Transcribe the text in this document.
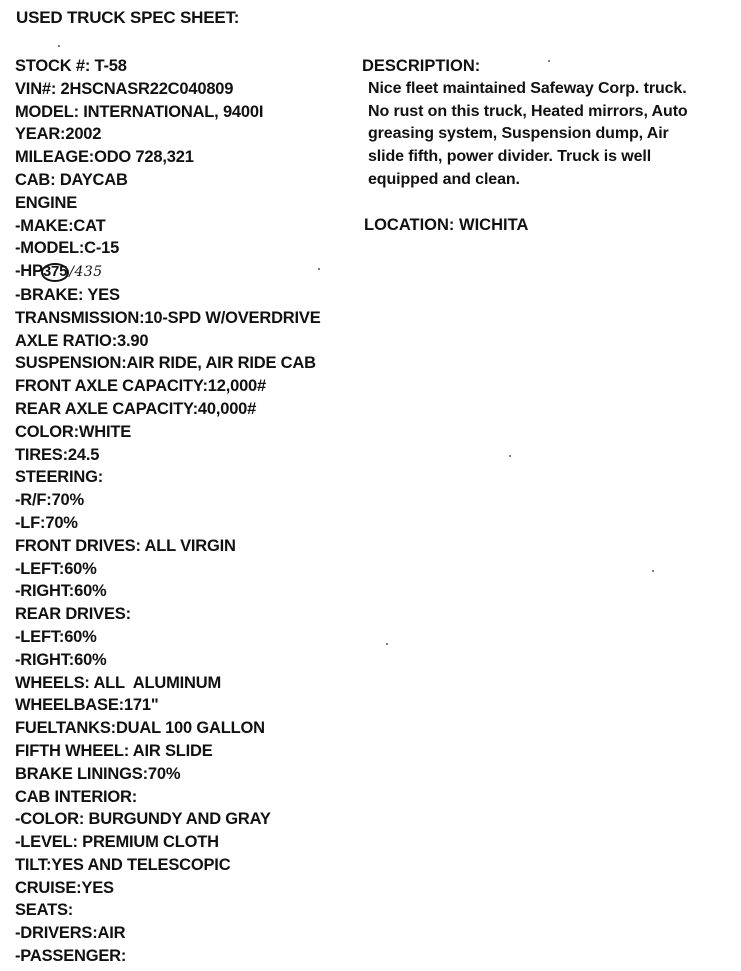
USED TRUCK SPEC SHEET:
STOCK #: T-58
VIN#: 2HSCNASR22C040809
MODEL: INTERNATIONAL, 9400I
YEAR:2002
MILEAGE:ODO 728,321
CAB: DAYCAB
ENGINE
-MAKE:CAT
-MODEL:C-15
-HP375 /435
-BRAKE: YES
TRANSMISSION:10-SPD W/OVERDRIVE
AXLE RATIO:3.90
SUSPENSION:AIR RIDE, AIR RIDE CAB
FRONT AXLE CAPACITY:12,000#
REAR AXLE CAPACITY:40,000#
COLOR:WHITE
TIRES:24.5
STEERING:
-R/F:70%
-LF:70%
FRONT DRIVES: ALL VIRGIN
-LEFT:60%
-RIGHT:60%
REAR DRIVES:
-LEFT:60%
-RIGHT:60%
WHEELS: ALL  ALUMINUM
WHEELBASE:171"
FUELTANKS:DUAL 100 GALLON
FIFTH WHEEL: AIR SLIDE
BRAKE LININGS:70%
CAB INTERIOR:
-COLOR: BURGUNDY AND GRAY
-LEVEL: PREMIUM CLOTH
TILT:YES AND TELESCOPIC
CRUISE:YES
SEATS:
-DRIVERS:AIR
-PASSENGER:
DESCRIPTION:
Nice fleet maintained Safeway Corp. truck.
No rust on this truck, Heated mirrors, Auto
greasing system, Suspension dump, Air
slide fifth, power divider. Truck is well
equipped and clean.
LOCATION: WICHITA
